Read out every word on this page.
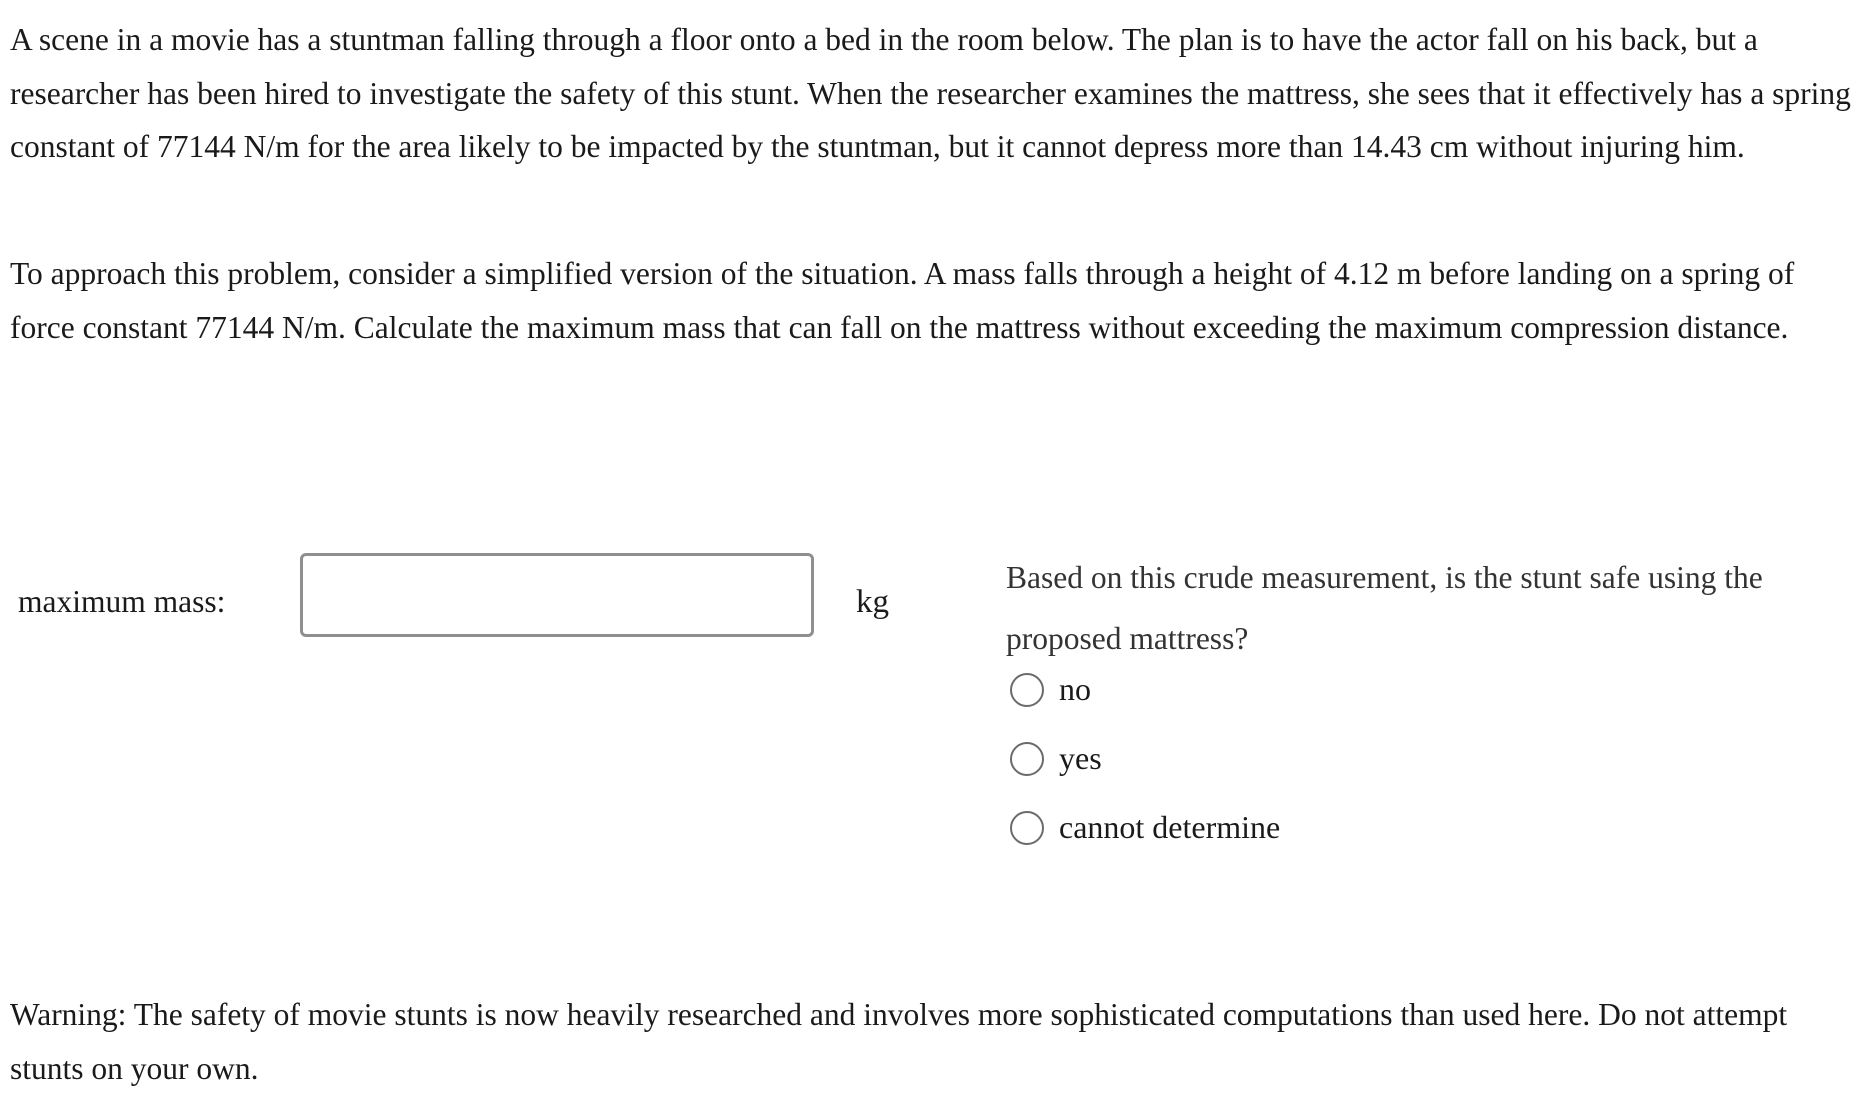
A scene in a movie has a stuntman falling through a floor onto a bed in the room below. The plan is to have the actor fall on his back, but a researcher has been hired to investigate the safety of this stunt. When the researcher examines the mattress, she sees that it effectively has a spring constant of 77144 N/m for the area likely to be impacted by the stuntman, but it cannot depress more than 14.43 cm without injuring him.

To approach this problem, consider a simplified version of the situation. A mass falls through a height of 4.12 m before landing on a spring of force constant 77144 N/m. Calculate the maximum mass that can fall on the mattress without exceeding the maximum compression distance.

maximum mass:	kg

Based on this crude measurement, is the stunt safe using the proposed mattress?

no
yes
cannot determine

Warning: The safety of movie stunts is now heavily researched and involves more sophisticated computations than used here. Do not attempt stunts on your own.
